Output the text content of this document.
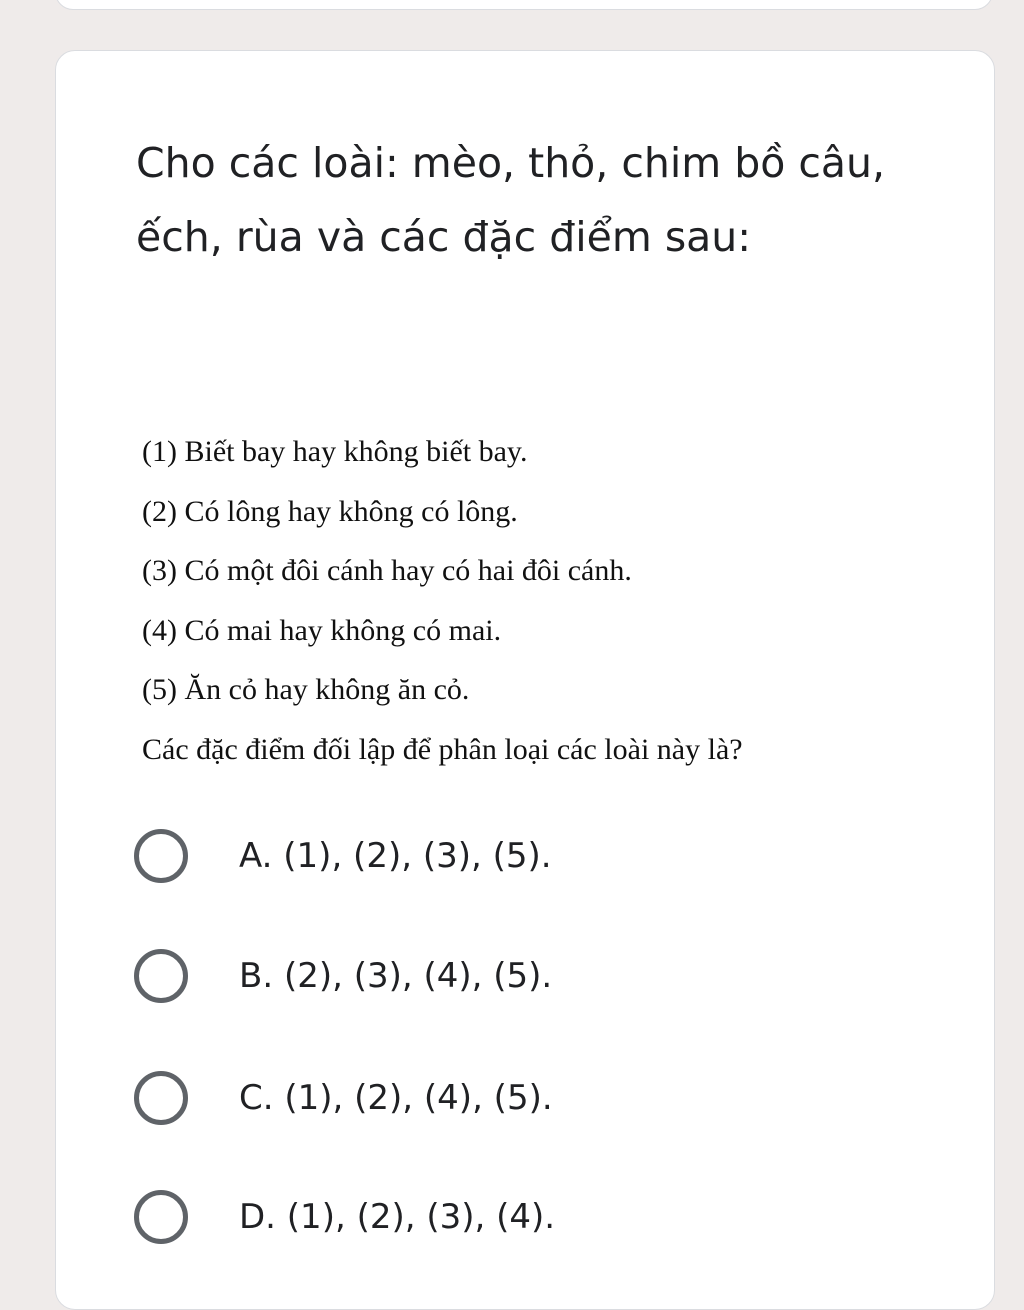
Cho các loài: mèo, thỏ, chim bồ câu, ếch, rùa và các đặc điểm sau:
(1) Biết bay hay không biết bay.
(2) Có lông hay không có lông.
(3) Có một đôi cánh hay có hai đôi cánh.
(4) Có mai hay không có mai.
(5) Ăn cỏ hay không ăn cỏ.
Các đặc điểm đối lập để phân loại các loài này là?
A. (1), (2), (3), (5).
B. (2), (3), (4), (5).
C. (1), (2), (4), (5).
D. (1), (2), (3), (4).
